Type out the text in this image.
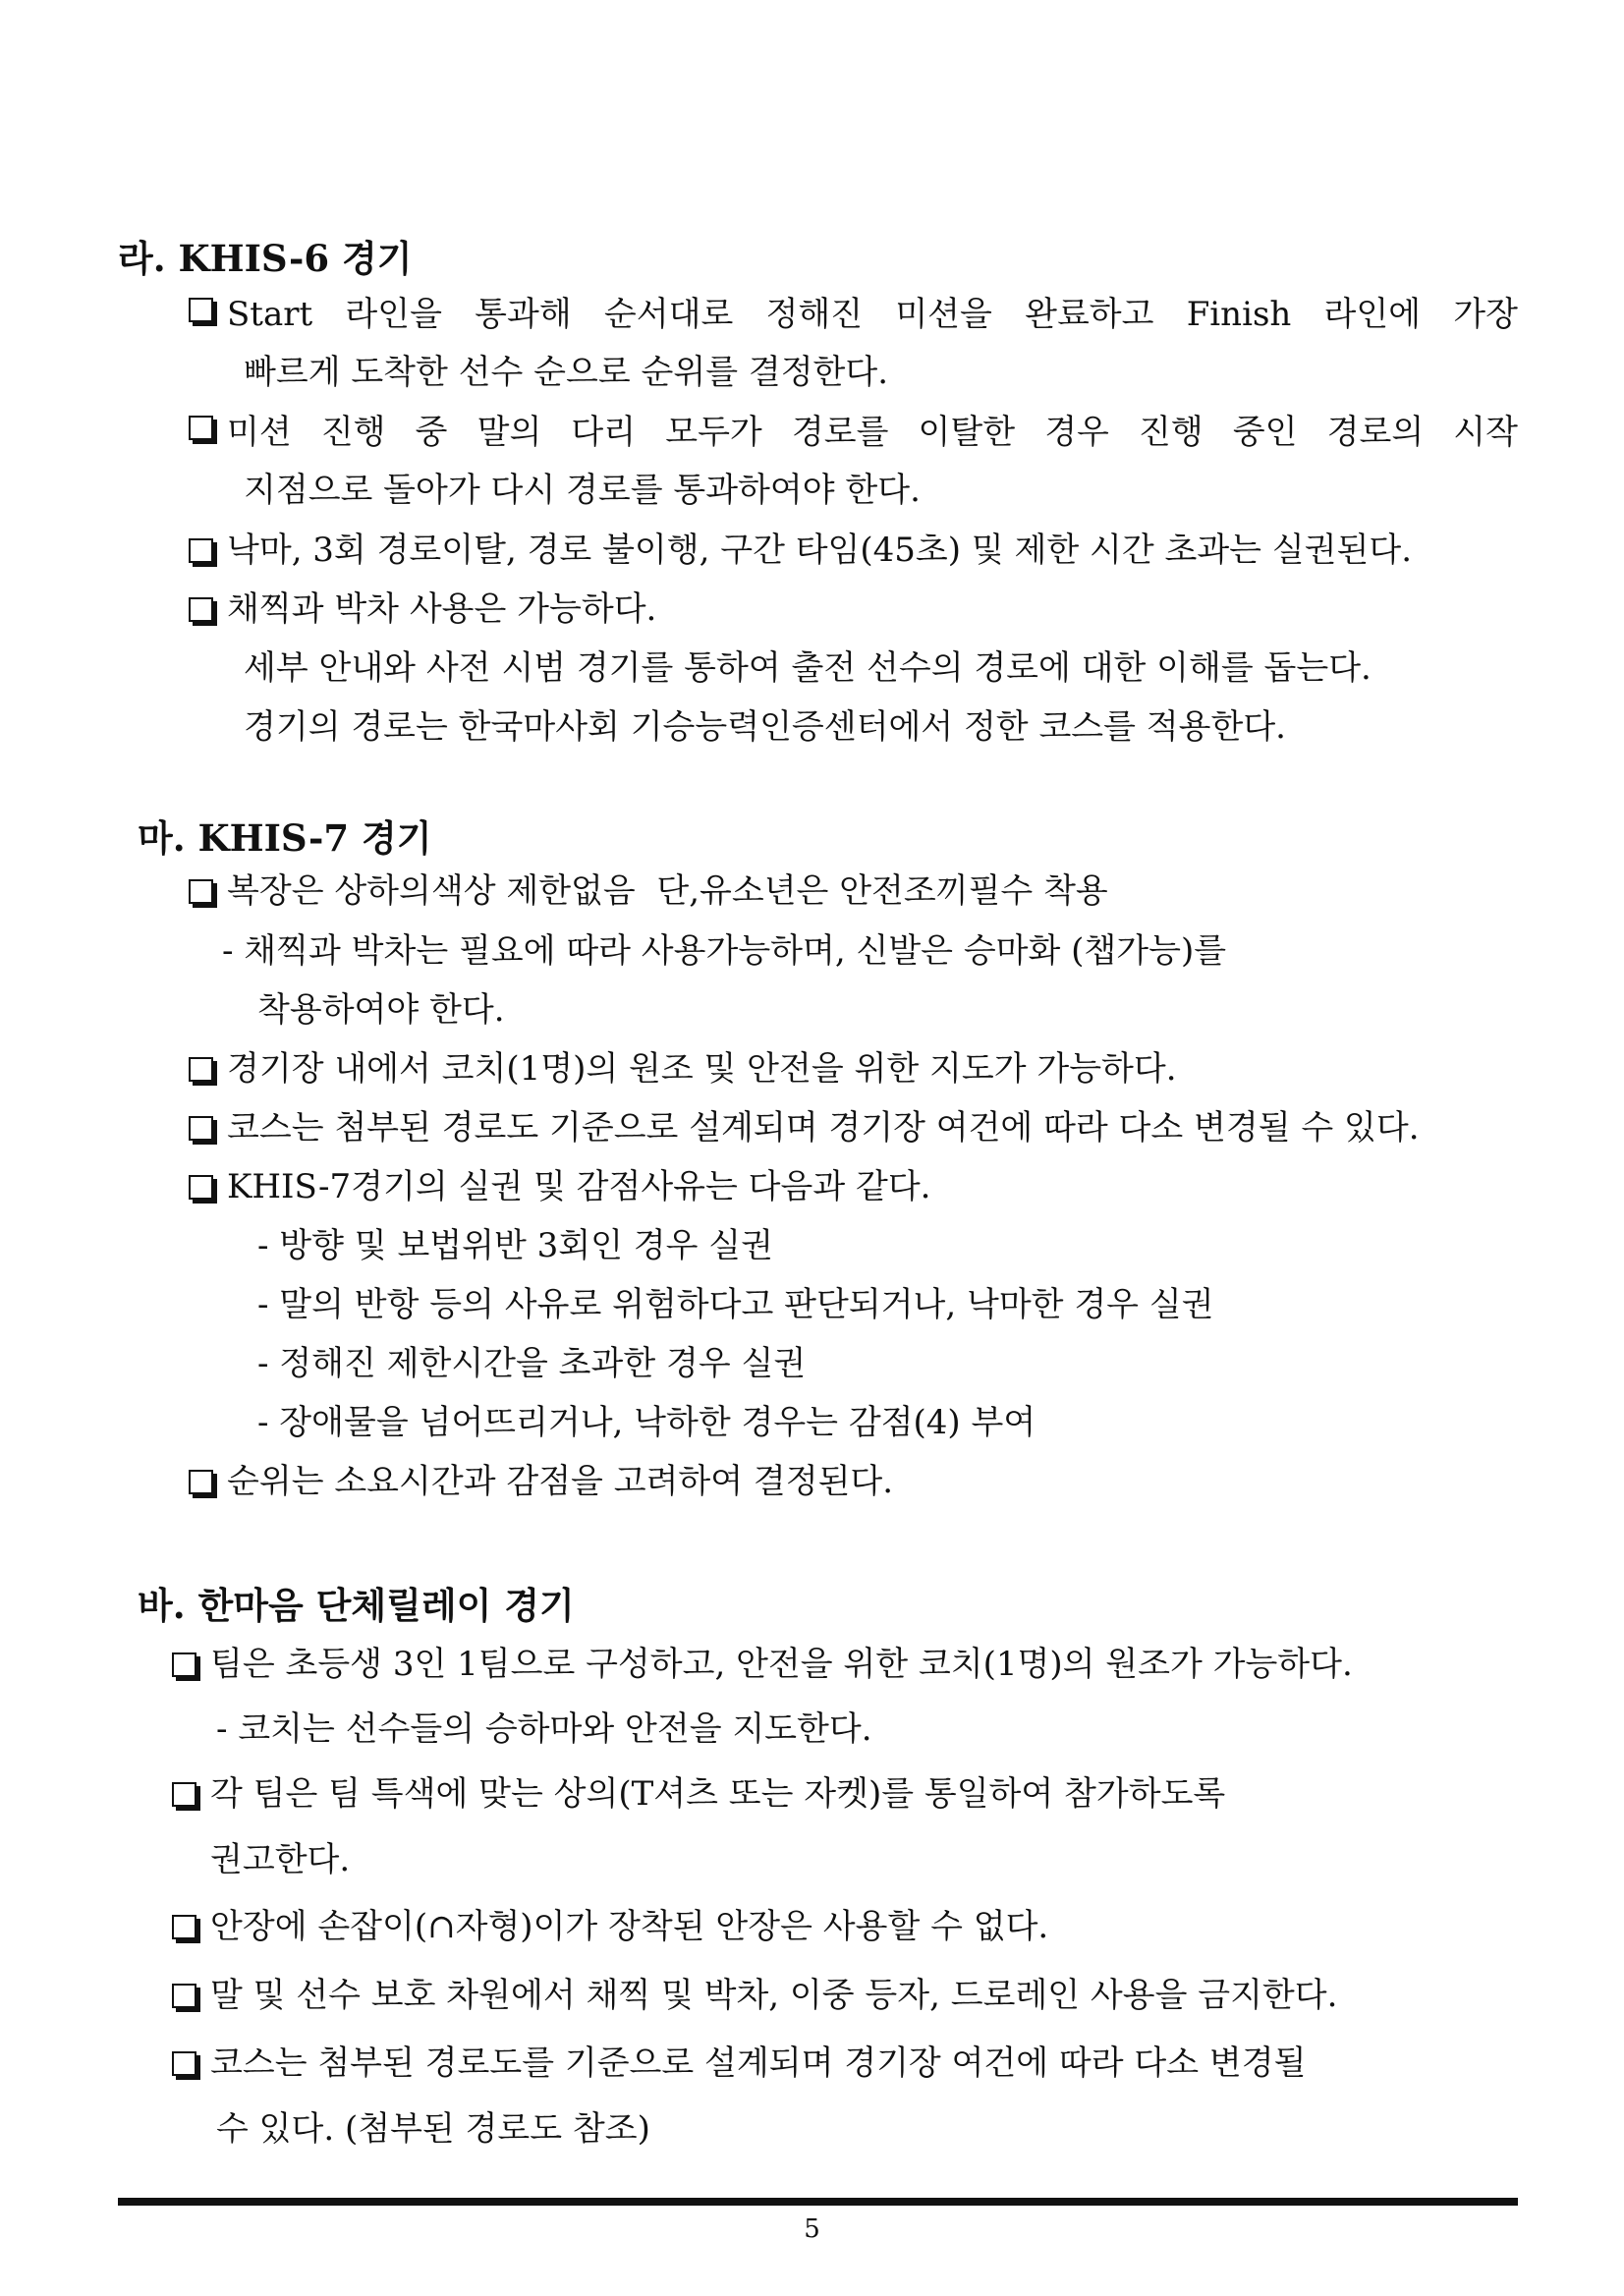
라. KHIS-6 경기
Start 라인을 통과해 순서대로 정해진 미션을 완료하고 Finish 라인에 가장
빠르게 도착한 선수 순으로 순위를 결정한다.
미션 진행 중 말의 다리 모두가 경로를 이탈한 경우 진행 중인 경로의 시작
지점으로 돌아가 다시 경로를 통과하여야 한다.
낙마, 3회 경로이탈, 경로 불이행, 구간 타임(45초) 및 제한 시간 초과는 실권된다.
채찍과 박차 사용은 가능하다.
세부 안내와 사전 시범 경기를 통하여 출전 선수의 경로에 대한 이해를 돕는다.
경기의 경로는 한국마사회 기승능력인증센터에서 정한 코스를 적용한다.
마. KHIS-7 경기
복장은 상하의색상 제한없음  단,유소년은 안전조끼필수 착용
- 채찍과 박차는 필요에 따라 사용가능하며, 신발은 승마화 (챕가능)를
착용하여야 한다.
경기장 내에서 코치(1명)의 원조 및 안전을 위한 지도가 가능하다.
코스는 첨부된 경로도 기준으로 설계되며 경기장 여건에 따라 다소 변경될 수 있다.
KHIS-7경기의 실권 및 감점사유는 다음과 같다.
- 방향 및 보법위반 3회인 경우 실권
- 말의 반항 등의 사유로 위험하다고 판단되거나, 낙마한 경우 실권
- 정해진 제한시간을 초과한 경우 실권
- 장애물을 넘어뜨리거나, 낙하한 경우는 감점(4) 부여
순위는 소요시간과 감점을 고려하여 결정된다.
바. 한마음 단체릴레이 경기
팀은 초등생 3인 1팀으로 구성하고, 안전을 위한 코치(1명)의 원조가 가능하다.
- 코치는 선수들의 승하마와 안전을 지도한다.
각 팀은 팀 특색에 맞는 상의(T셔츠 또는 자켓)를 통일하여 참가하도록
권고한다.
안장에 손잡이(∩자형)이가 장착된 안장은 사용할 수 없다.
말 및 선수 보호 차원에서 채찍 및 박차, 이중 등자, 드로레인 사용을 금지한다.
코스는 첨부된 경로도를 기준으로 설계되며 경기장 여건에 따라 다소 변경될
수 있다. (첨부된 경로도 참조)
5
